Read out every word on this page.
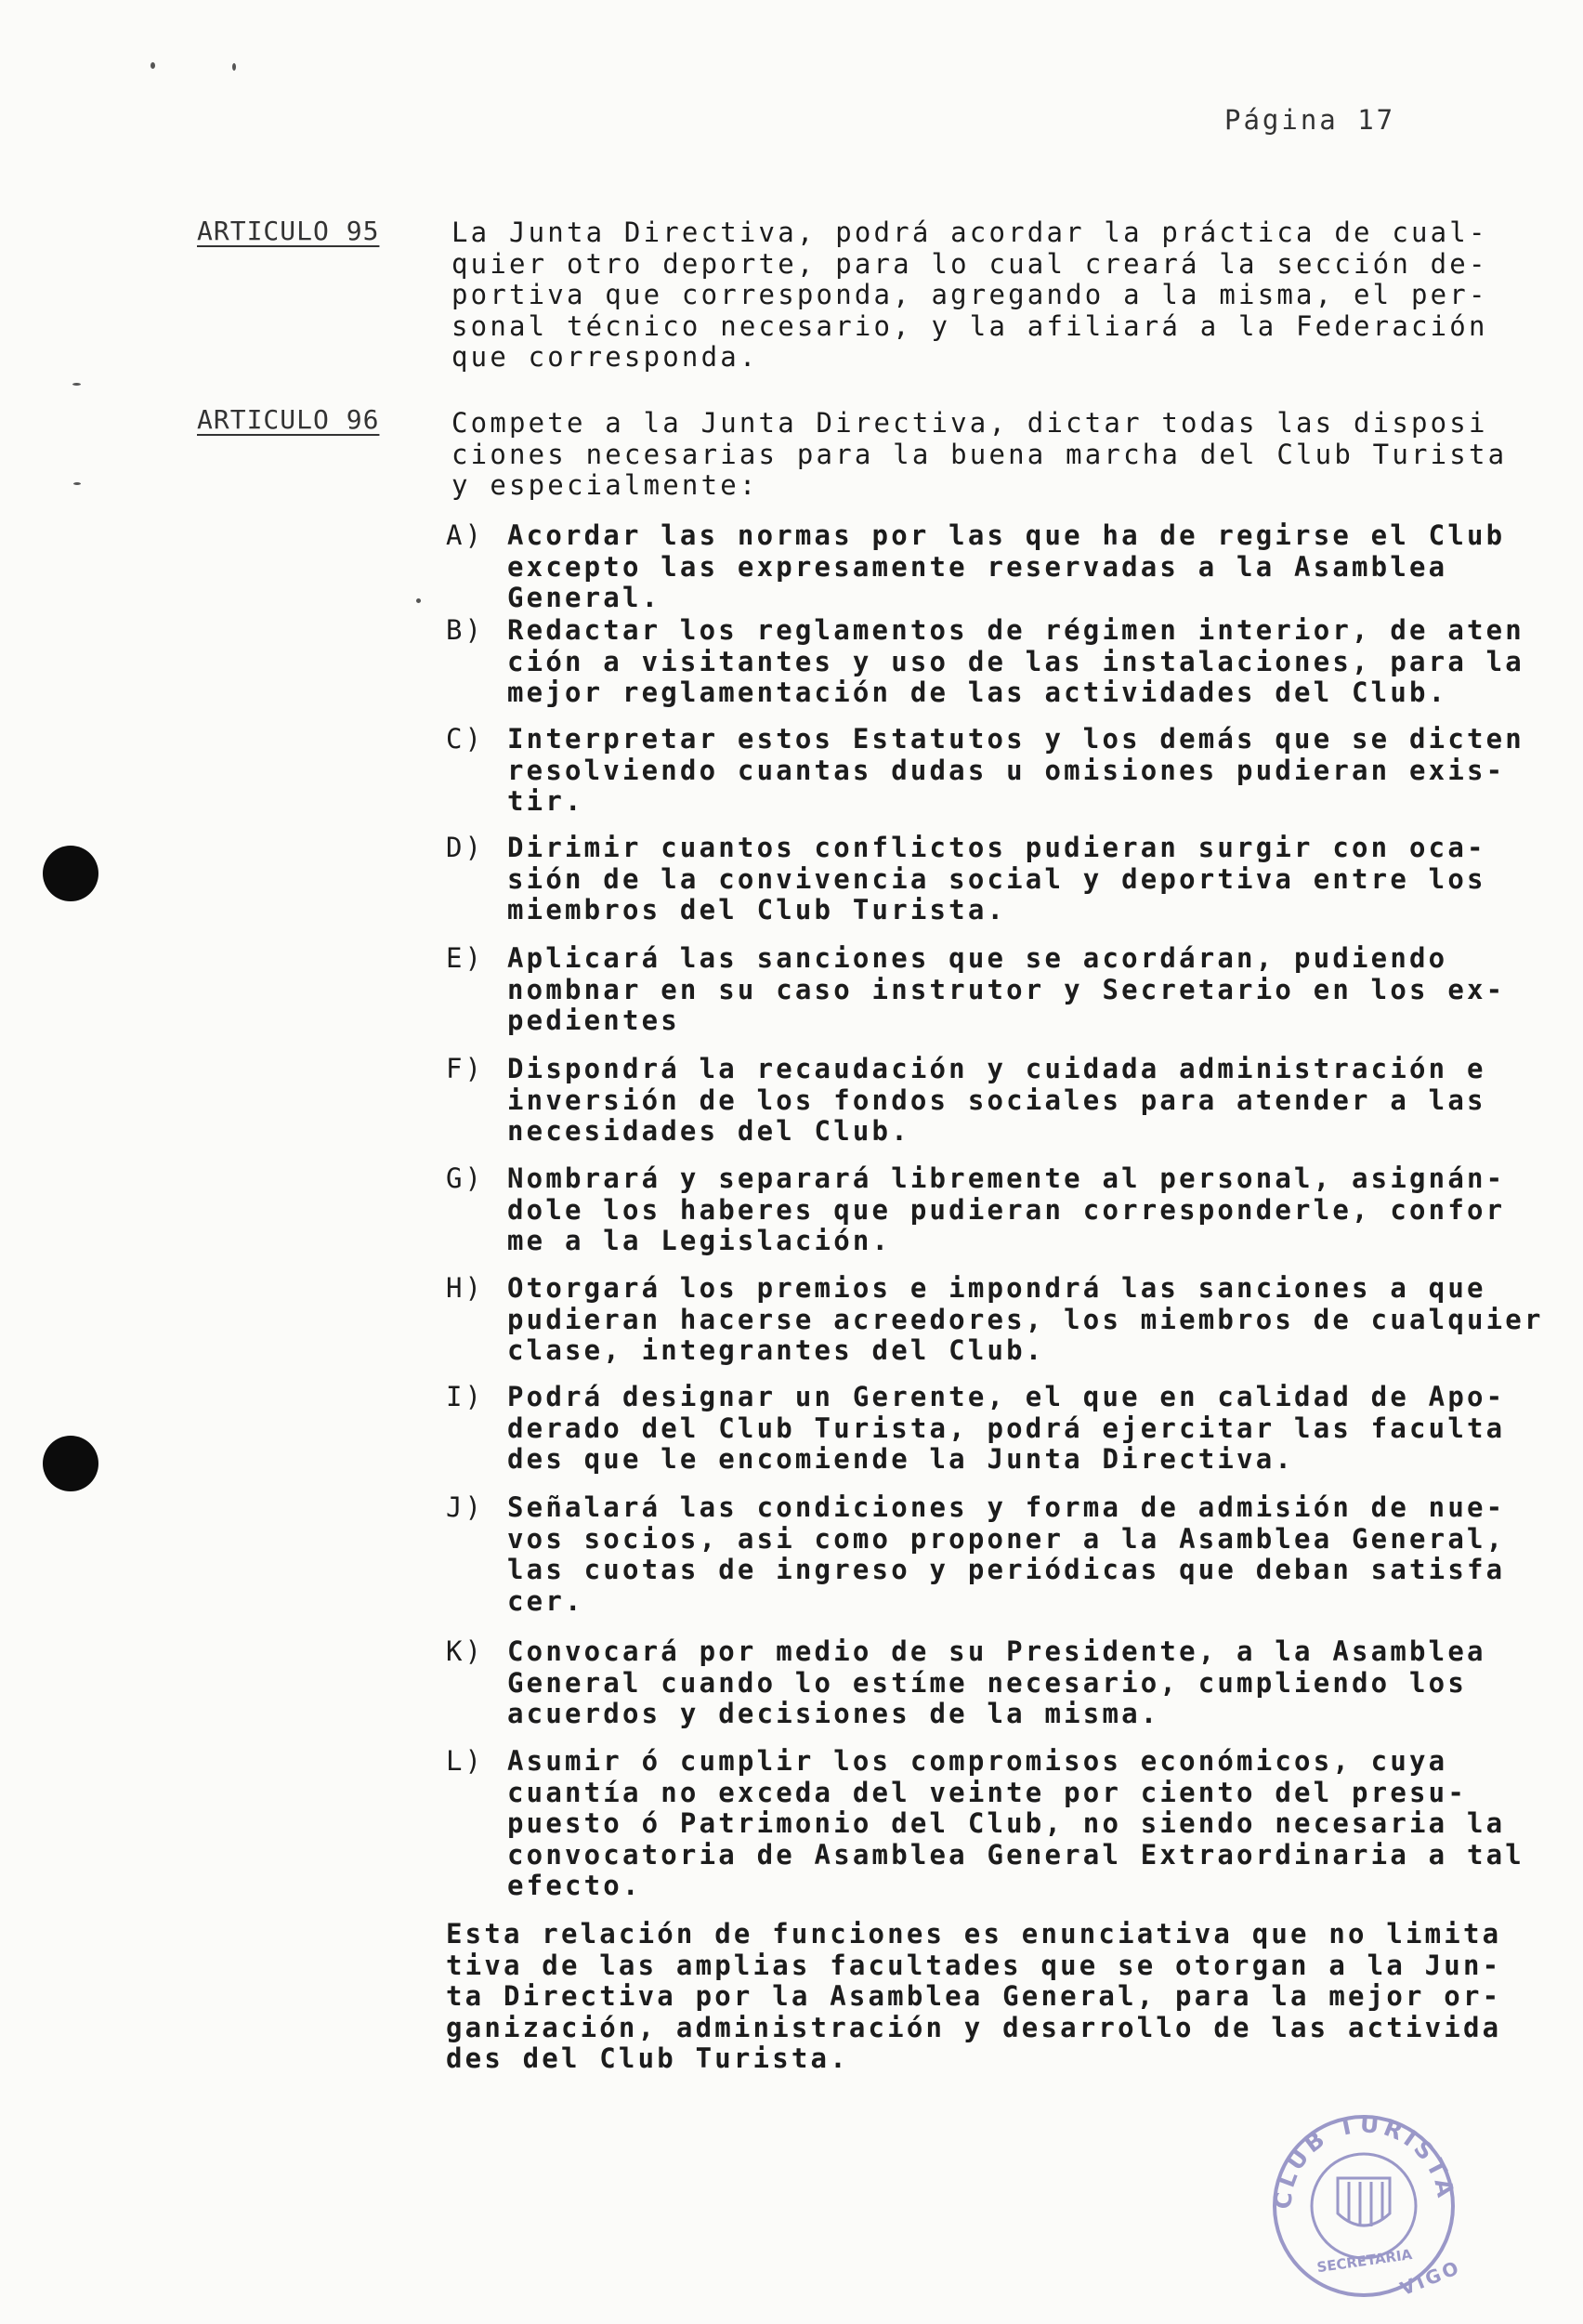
Página 17
ARTICULO 95	La Junta Directiva, podrá acordar la práctica de cual-
quier otro deporte, para lo cual creará la sección de-
portiva que corresponda, agregando a la misma, el per-
sonal técnico necesario, y la afiliará a la Federación
que corresponda.
ARTICULO 96	Compete a la Junta Directiva, dictar todas las disposi
ciones necesarias para la buena marcha del Club Turista
y especialmente:
A) Acordar las normas por las que ha de regirse el Club
excepto las expresamente reservadas a la Asamblea
General.
B) Redactar los reglamentos de régimen interior, de aten
ción a visitantes y uso de las instalaciones, para la
mejor reglamentación de las actividades del Club.
C) Interpretar estos Estatutos y los demás que se dicten
resolviendo cuantas dudas u omisiones pudieran exis-
tir.
D) Dirimir cuantos conflictos pudieran surgir con oca-
sión de la convivencia social y deportiva entre los
miembros del Club Turista.
E) Aplicará las sanciones que se acordáran, pudiendo
nombnar en su caso instrutor y Secretario en los ex-
pedientes
F) Dispondrá la recaudación y cuidada administración e
inversión de los fondos sociales para atender a las
necesidades del Club.
G) Nombrará y separará libremente al personal, asignán-
dole los haberes que pudieran corresponderle, confor
me a la Legislación.
H) Otorgará los premios e impondrá las sanciones a que
pudieran hacerse acreedores, los miembros de cualquier
clase, integrantes del Club.
I) Podrá designar un Gerente, el que en calidad de Apo-
derado del Club Turista, podrá ejercitar las faculta
des que le encomiende la Junta Directiva.
J) Señalará las condiciones y forma de admisión de nue-
vos socios, asi como proponer a la Asamblea General,
las cuotas de ingreso y periódicas que deban satisfa
cer.
K) Convocará por medio de su Presidente, a la Asamblea
General cuando lo estíme necesario, cumpliendo los
acuerdos y decisiones de la misma.
L) Asumir ó cumplir los compromisos económicos, cuya
cuantía no exceda del veinte por ciento del presu-
puesto ó Patrimonio del Club, no siendo necesaria la
convocatoria de Asamblea General Extraordinaria a tal
efecto.
Esta relación de funciones es enunciativa que no limita
tiva de las amplias facultades que se otorgan a la Jun-
ta Directiva por la Asamblea General, para la mejor or-
ganización, administración y desarrollo de las activida
des del Club Turista.
CLUB TURISTA
VIGO
SECRETARIA
